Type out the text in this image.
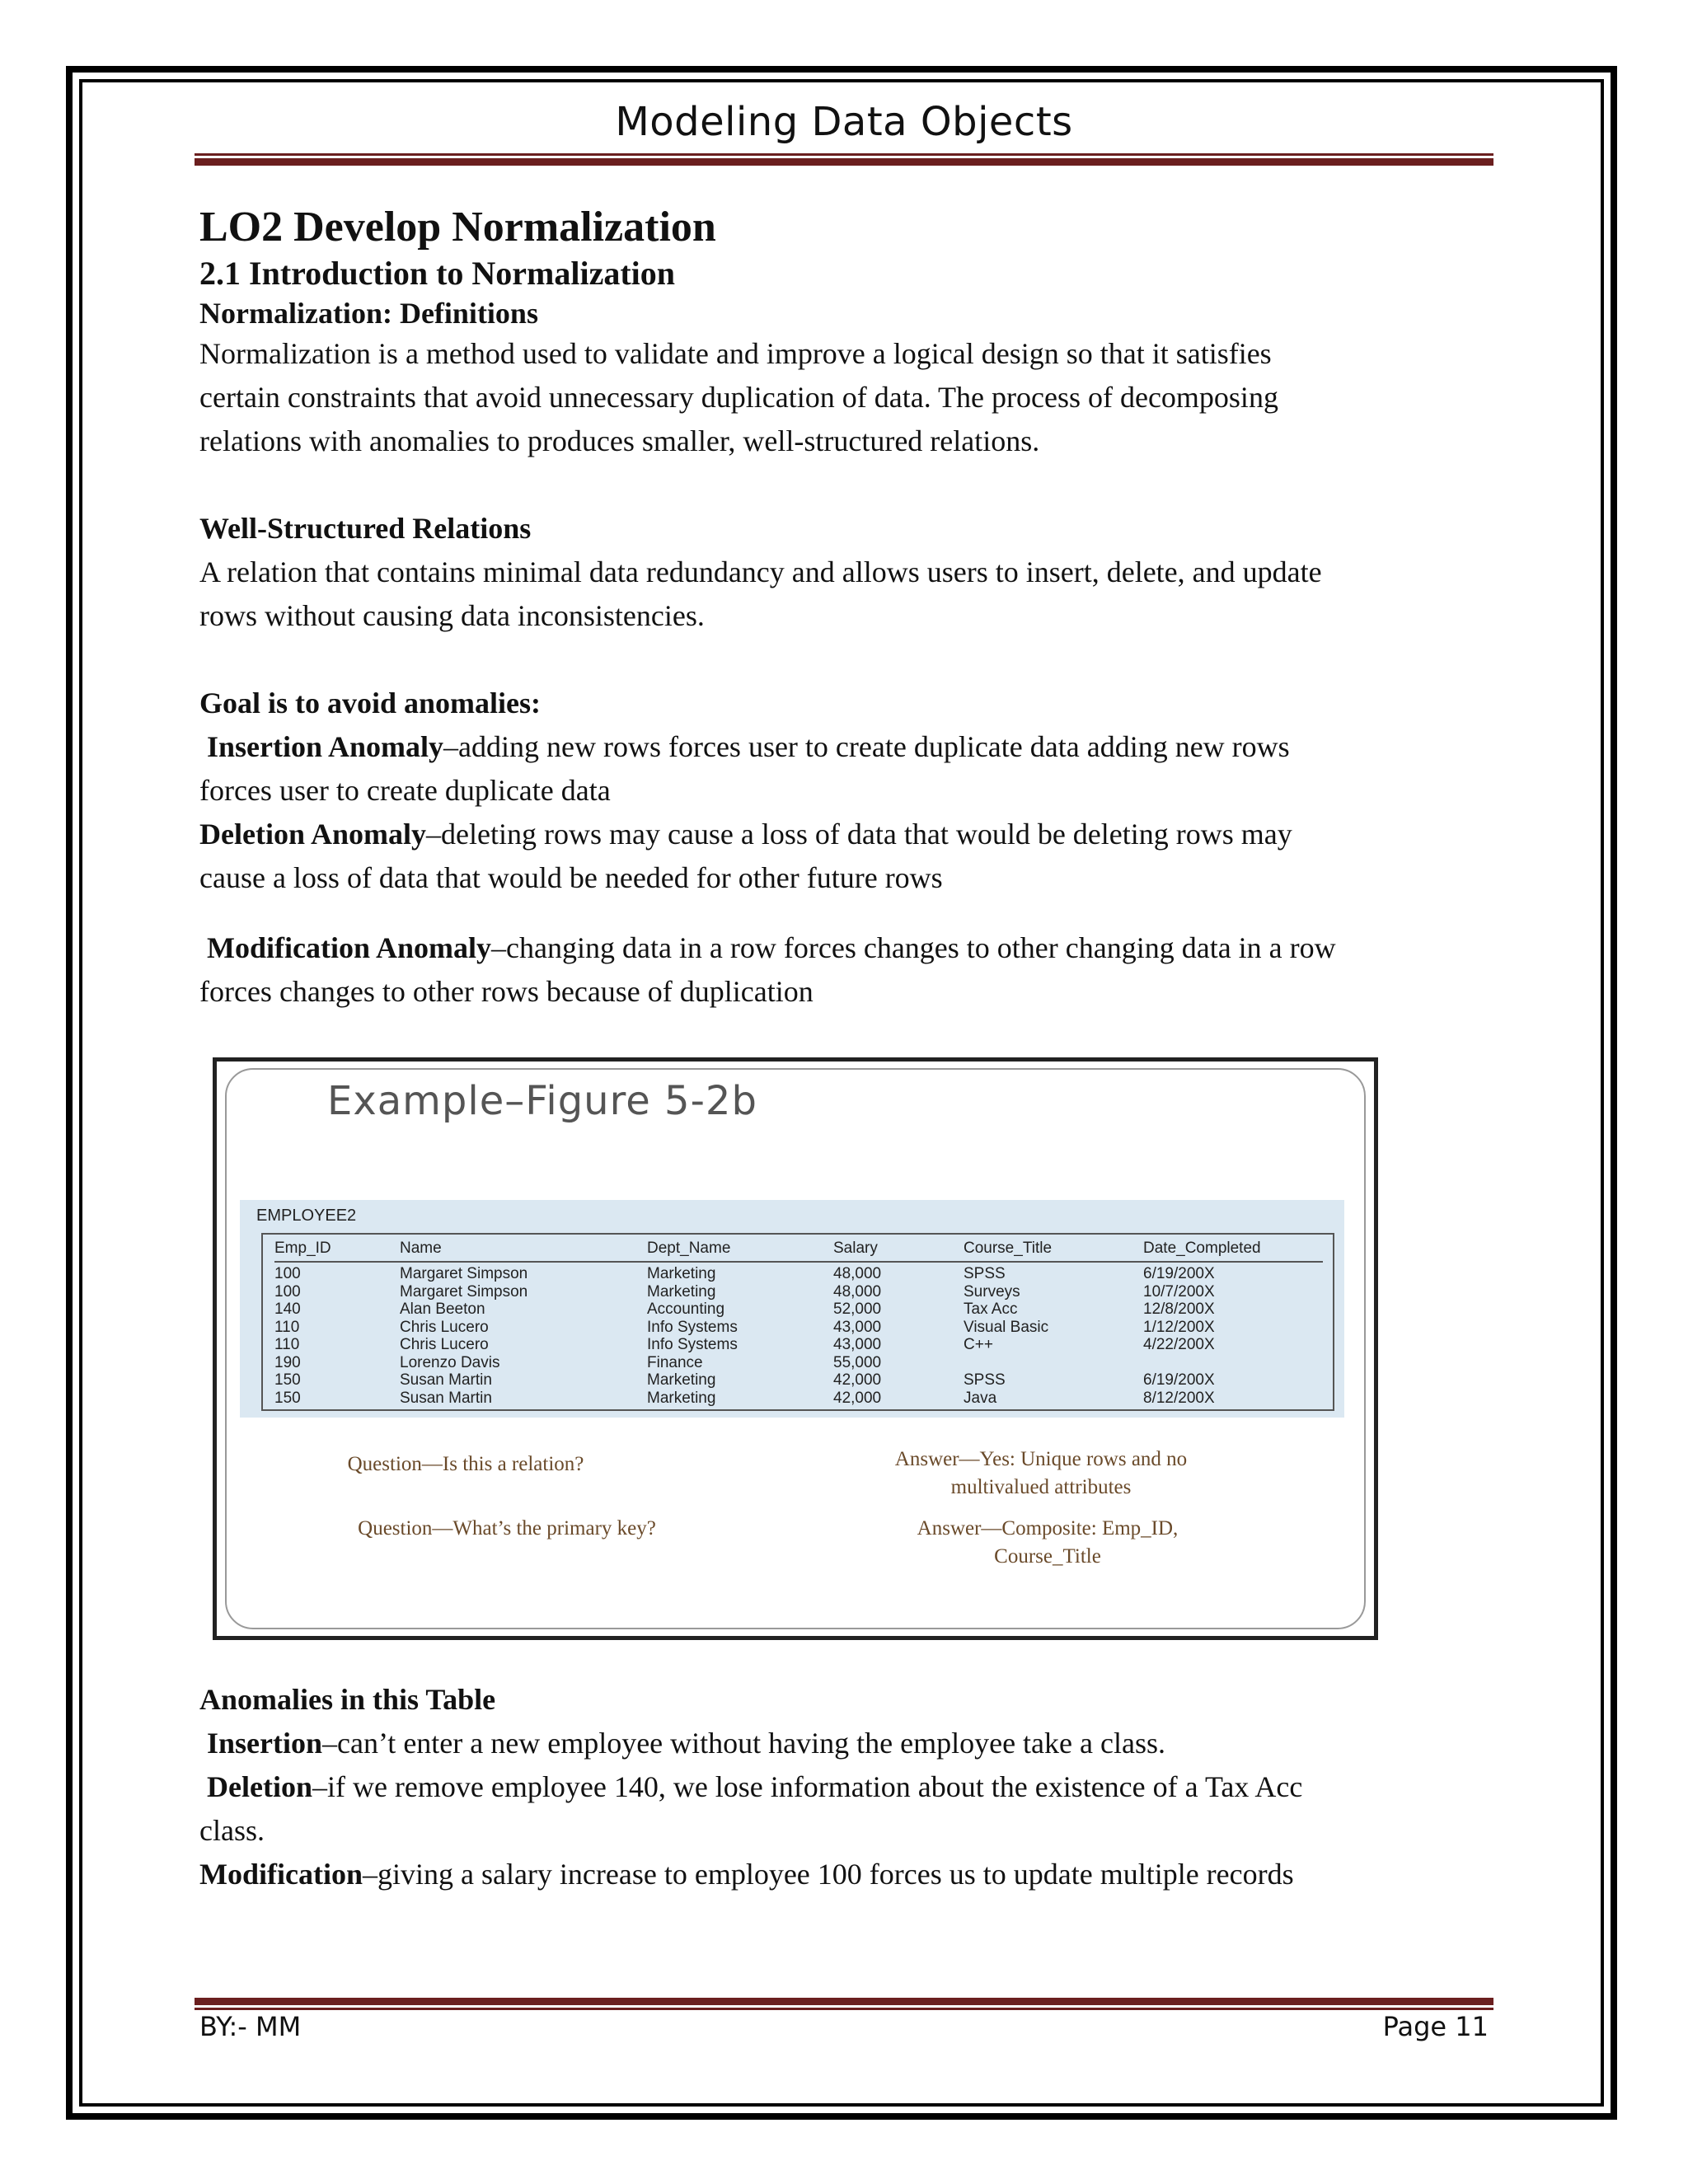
Modeling Data Objects
LO2 Develop Normalization
2.1 Introduction to Normalization
Normalization: Definitions

Normalization is a method used to validate and improve a logical design so that it satisfies

certain constraints that avoid unnecessary duplication of data. The process of decomposing

relations with anomalies to produces smaller, well-structured relations.

Well-Structured Relations

A relation that contains minimal data redundancy and allows users to insert, delete, and update

rows without causing data inconsistencies.

Goal is to avoid anomalies:

Insertion Anomaly–adding new rows forces user to create duplicate data adding new rows

forces user to create duplicate data

Deletion Anomaly–deleting rows may cause a loss of data that would be deleting rows may

cause a loss of data that would be needed for other future rows

Modification Anomaly–changing data in a row forces changes to other changing data in a row

forces changes to other rows because of duplication

Example–Figure 5-2b
EMPLOYEE2
Emp_ID	Name	Dept_Name	Salary	Course_Title	Date_Completed
100	Margaret Simpson	Marketing	48,000	SPSS	6/19/200X
100	Margaret Simpson	Marketing	48,000	Surveys	10/7/200X
140	Alan Beeton	Accounting	52,000	Tax Acc	12/8/200X
110	Chris Lucero	Info Systems	43,000	Visual Basic	1/12/200X
110	Chris Lucero	Info Systems	43,000	C++	4/22/200X
190	Lorenzo Davis	Finance	55,000		
150	Susan Martin	Marketing	42,000	SPSS	6/19/200X
150	Susan Martin	Marketing	42,000	Java	8/12/200X
Question—Is this a relation?	Answer—Yes: Unique rows and no
multivalued attributes
Question—What’s the primary key?	Answer—Composite: Emp_ID,
Course_Title
Anomalies in this Table

Insertion–can’t enter a new employee without having the employee take a class.

Deletion–if we remove employee 140, we lose information about the existence of a Tax Acc

class.

Modification–giving a salary increase to employee 100 forces us to update multiple records

BY:- MM	Page 11
